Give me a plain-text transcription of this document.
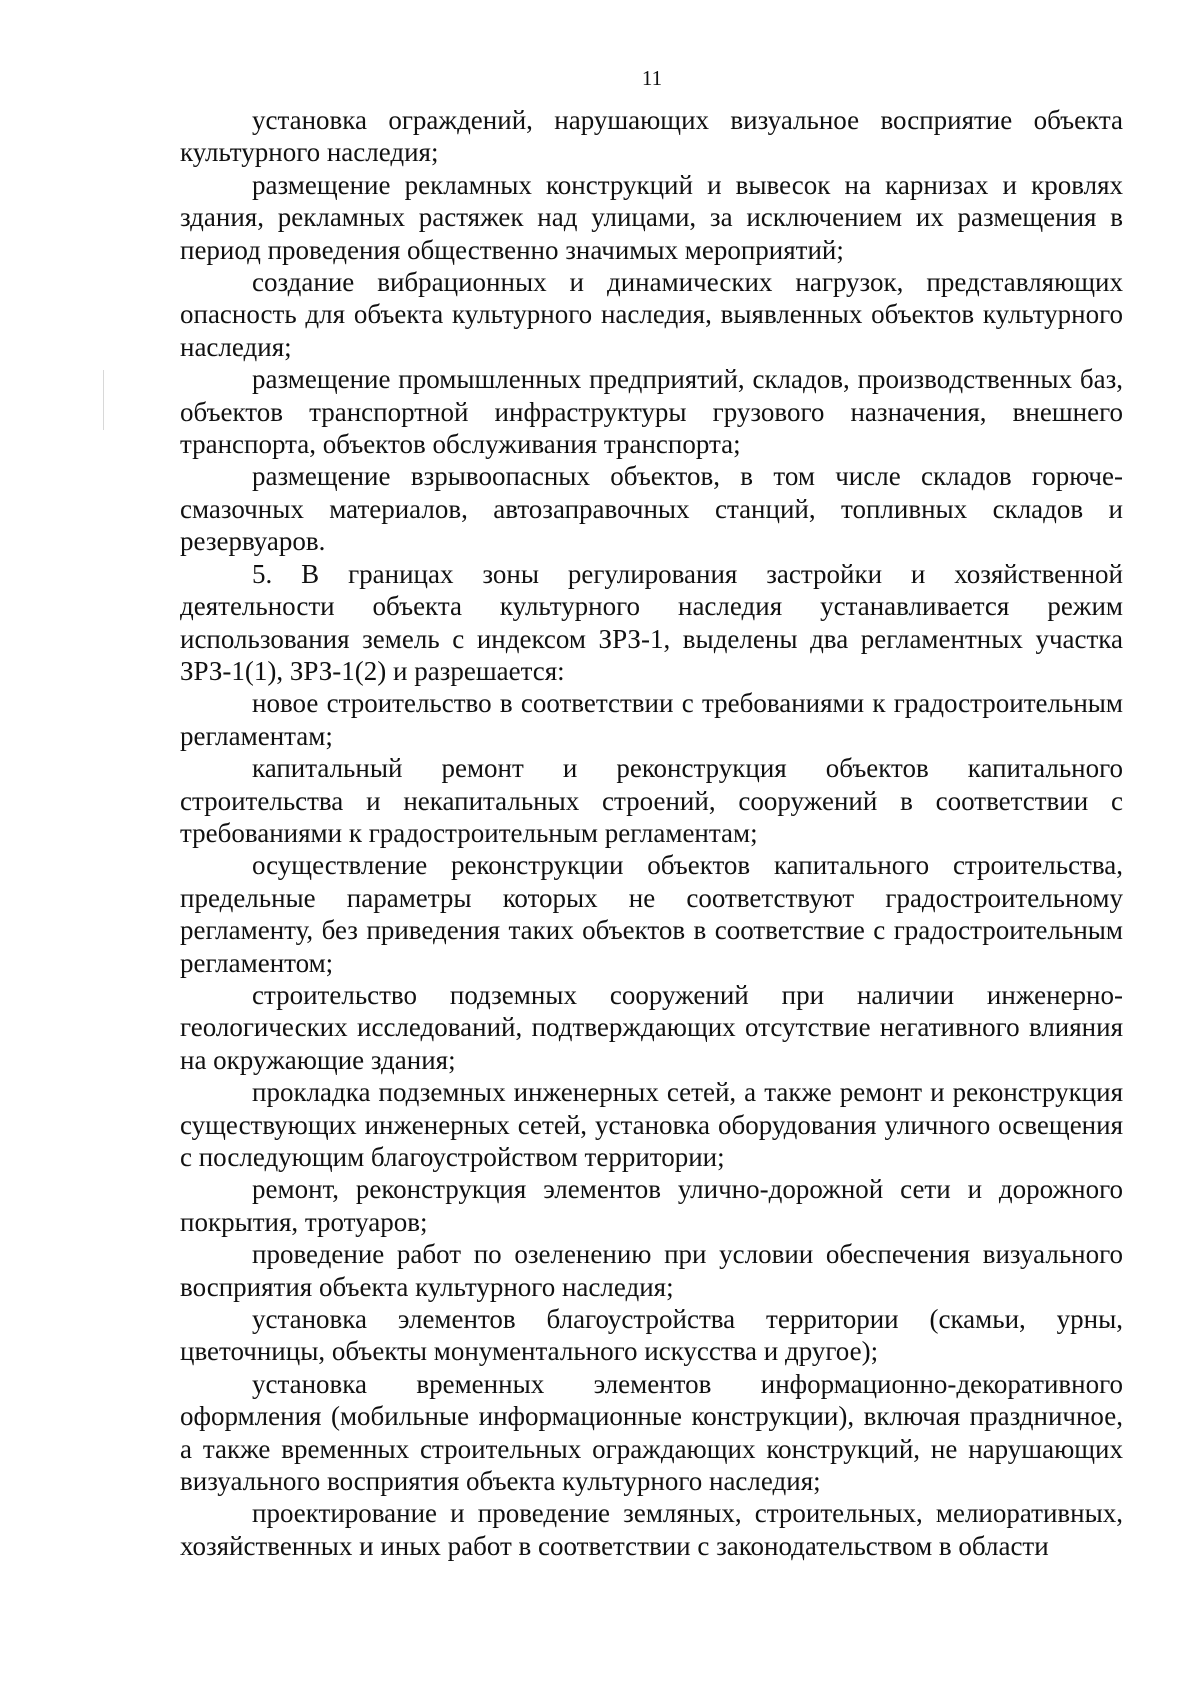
11

установка ограждений, нарушающих визуальное восприятие объекта культурного наследия;

размещение рекламных конструкций и вывесок на карнизах и кровлях здания, рекламных растяжек над улицами, за исключением их размещения в период проведения общественно значимых мероприятий;

создание вибрационных и динамических нагрузок, представляющих опасность для объекта культурного наследия, выявленных объектов культурного наследия;

размещение промышленных предприятий, складов, производственных баз, объектов транспортной инфраструктуры грузового назначения, внешнего транспорта, объектов обслуживания транспорта;

размещение взрывоопасных объектов, в том числе складов горюче-смазочных материалов, автозаправочных станций, топливных складов и резервуаров.

5. В границах зоны регулирования застройки и хозяйственной деятельности объекта культурного наследия устанавливается режим использования земель с индексом ЗРЗ-1, выделены два регламентных участка ЗРЗ-1(1), ЗРЗ-1(2) и разрешается:

новое строительство в соответствии с требованиями к градостроительным регламентам;

капитальный ремонт и реконструкция объектов капитального строительства и некапитальных строений, сооружений в соответствии с требованиями к градостроительным регламентам;

осуществление реконструкции объектов капитального строительства, предельные параметры которых не соответствуют градостроительному регламенту, без приведения таких объектов в соответствие с градостроительным регламентом;

строительство подземных сооружений при наличии инженерно-геологических исследований, подтверждающих отсутствие негативного влияния на окружающие здания;

прокладка подземных инженерных сетей, а также ремонт и реконструкция существующих инженерных сетей, установка оборудования уличного освещения с последующим благоустройством территории;

ремонт, реконструкция элементов улично-дорожной сети и дорожного покрытия, тротуаров;

проведение работ по озеленению при условии обеспечения визуального восприятия объекта культурного наследия;

установка элементов благоустройства территории (скамьи, урны, цветочницы, объекты монументального искусства и другое);

установка временных элементов информационно-декоративного оформления (мобильные информационные конструкции), включая праздничное, а также временных строительных ограждающих конструкций, не нарушающих визуального восприятия объекта культурного наследия;

проектирование и проведение земляных, строительных, мелиоративных, хозяйственных и иных работ в соответствии с законодательством в области
